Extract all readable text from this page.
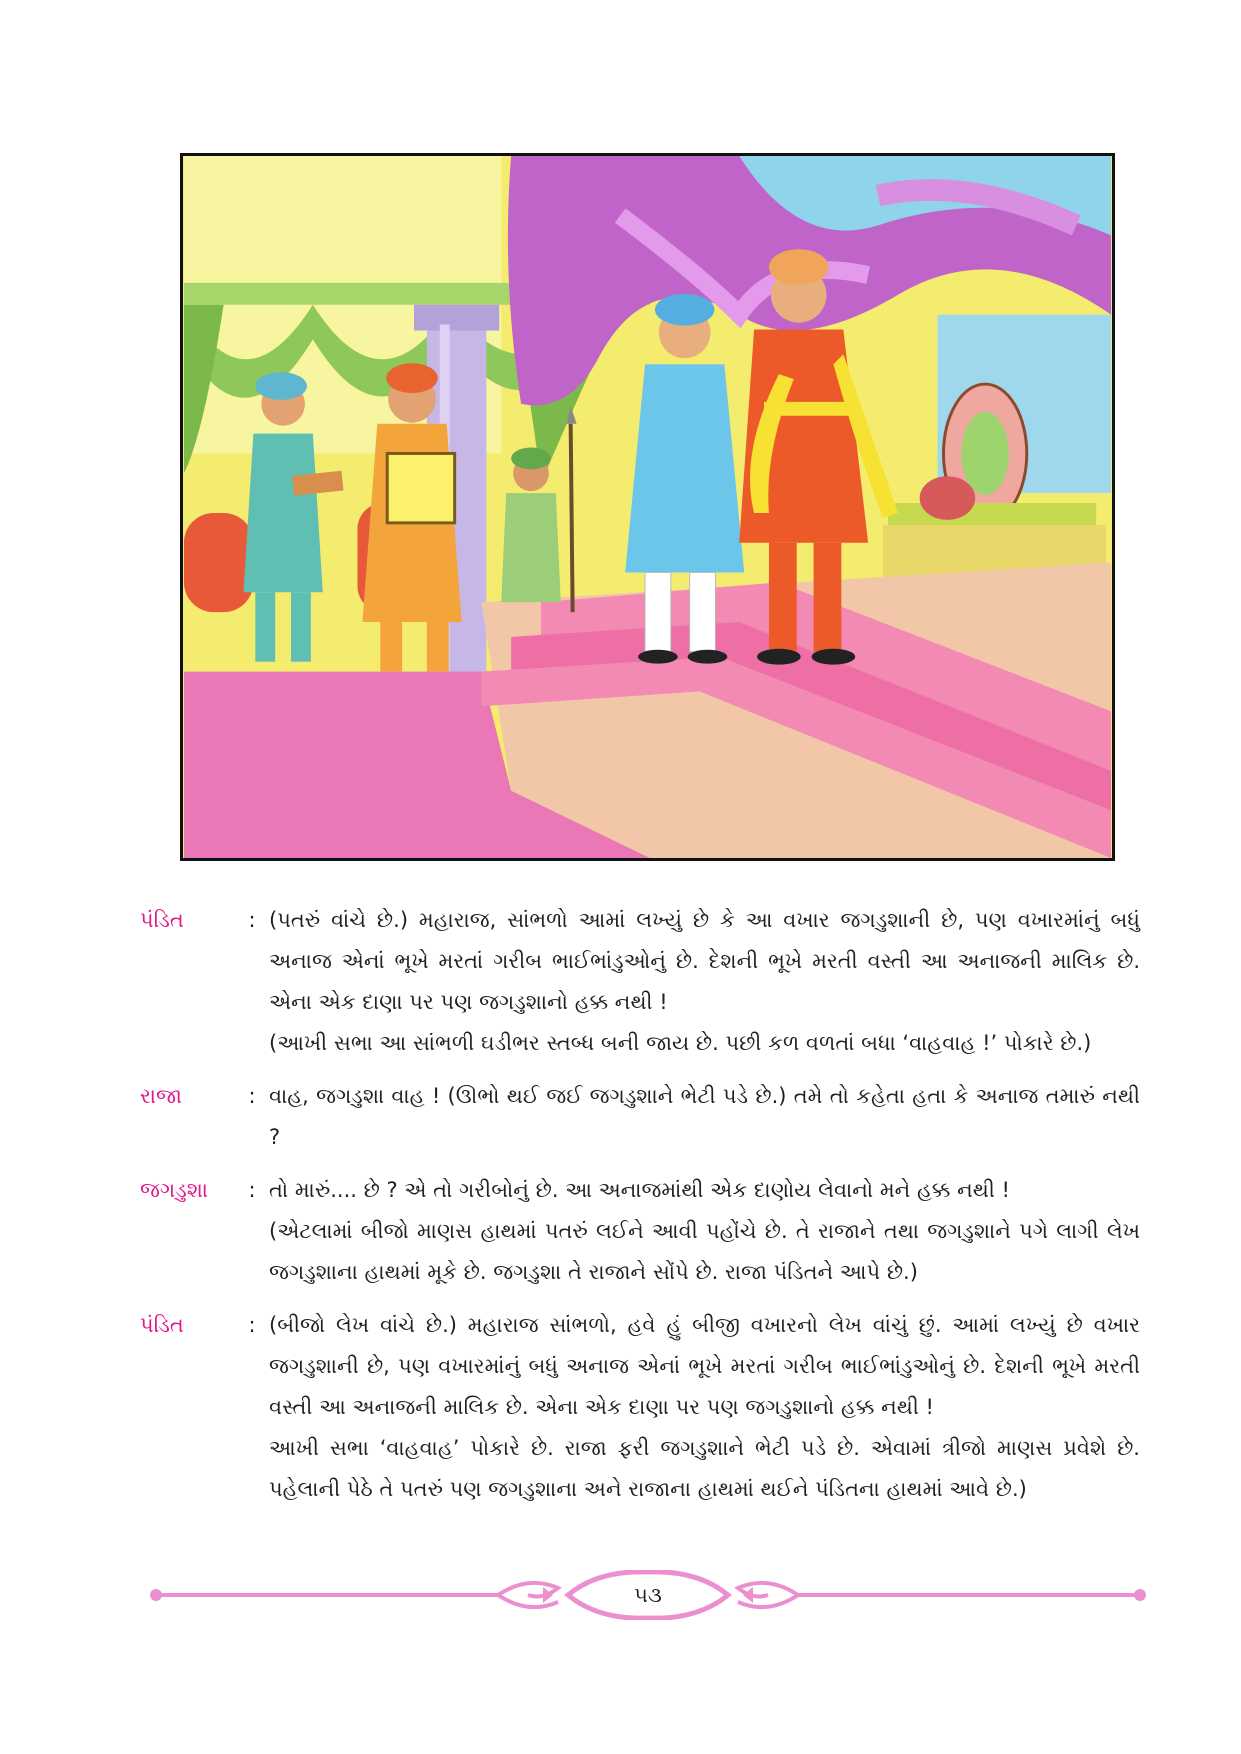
પંડિત	: (પતરું વાંચે છે.) મહારાજ, સાંભળો આમાં લખ્યું છે કે આ વખાર જગડુશાની છે, પણ વખારમાંનું બધું અનાજ એનાં ભૂખે મરતાં ગરીબ ભાઈભાંડુઓનું છે. દેશની ભૂખે મરતી વસ્તી આ અનાજની માલિક છે. એના એક દાણા પર પણ જગડુશાનો હક્ક નથી !

(આખી સભા આ સાંભળી ઘડીભર સ્તબ્ધ બની જાય છે. પછી કળ વળતાં બધા ‘વાહવાહ !’ પોકારે છે.)

રાજા	: વાહ, જગડુશા વાહ ! (ઊભો થઈ જઈ જગડુશાને ભેટી પડે છે.) તમે તો કહેતા હતા કે અનાજ તમારું નથી ?

જગડુશા	: તો મારું.... છે ? એ તો ગરીબોનું છે. આ અનાજમાંથી એક દાણોય લેવાનો મને હક્ક નથી !

(એટલામાં બીજો માણસ હાથમાં પતરું લઈને આવી પહોંચે છે. તે રાજાને તથા જગડુશાને પગે લાગી લેખ જગડુશાના હાથમાં મૂકે છે. જગડુશા તે રાજાને સોંપે છે. રાજા પંડિતને આપે છે.)

પંડિત	: (બીજો લેખ વાંચે છે.) મહારાજ સાંભળો, હવે હું બીજી વખારનો લેખ વાંચું છું. આમાં લખ્યું છે વખાર જગડુશાની છે, પણ વખારમાંનું બધું અનાજ એનાં ભૂખે મરતાં ગરીબ ભાઈભાંડુઓનું છે. દેશની ભૂખે મરતી વસ્તી આ અનાજની માલિક છે. એના એક દાણા પર પણ જગડુશાનો હક્ક નથી !

આખી સભા ‘વાહવાહ’ પોકારે છે. રાજા ફરી જગડુશાને ભેટી પડે છે. એવામાં ત્રીજો માણસ પ્રવેશે છે. પહેલાની પેઠે તે પતરું પણ જગડુશાના અને રાજાના હાથમાં થઈને પંડિતના હાથમાં આવે છે.)

૫૩
